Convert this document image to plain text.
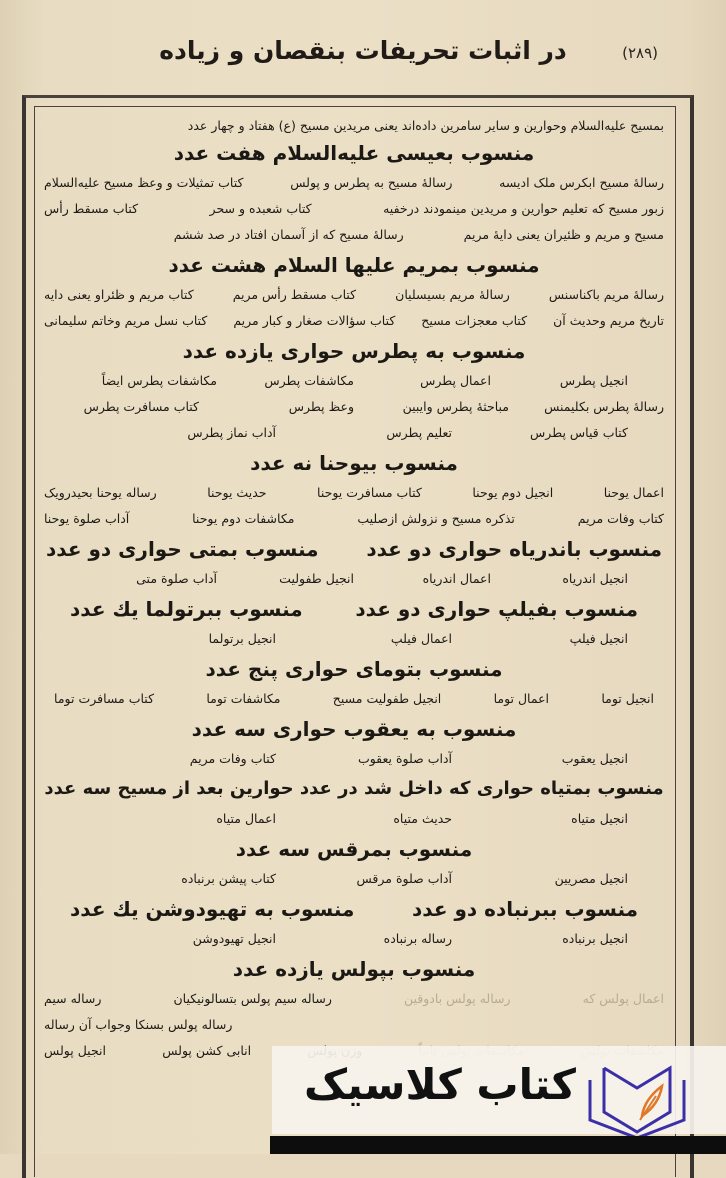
(۲۸۹)
در اثبات تحریفات بنقصان و زیاده
بمسیح علیه‌السلام وحوارین و سایر سامرین داده‌اند یعنی مریدین مسیح (ع) هفتاد و چهار عدد
منسوب بعیسی علیه‌السلام هفت عدد
رسالهٔ مسیح ابکرس ملک ادیسه
رسالهٔ مسیح به پطرس و پولس
کتاب تمثیلات و وعظ مسیح علیه‌السلام
زبور مسیح که تعلیم حوارین و مریدین مینمودند درخفیه
کتاب شعبده و سحر
کتاب مسقط رأس
مسیح و مریم و ظئیران یعنی دایهٔ مریم
رسالهٔ مسیح که از آسمان افتاد در صد ششم
منسوب بمریم علیها السلام هشت عدد
رسالهٔ مریم باکناسنس
رسالهٔ مریم بسیسلیان
کتاب مسقط رأس مریم
کتاب مریم و ظئراو یعنی دایه
تاریخ مریم وحدیث آن
کتاب معجزات مسیح
کتاب سؤالات صغار و کبار مریم
کتاب نسل مریم وخاتم سلیمانی
منسوب به پطرس حواری یازده عدد
انجیل پطرس
اعمال پطرس
مکاشفات پطرس
مکاشفات پطرس ایضاً
رسالهٔ پطرس بکلیمنس
مباحثهٔ پطرس وایبین
وعظ پطرس
کتاب مسافرت پطرس
کتاب قیاس پطرس
تعلیم پطرس
آداب نماز پطرس
منسوب بیوحنا نه عدد
اعمال یوحنا
انجیل دوم یوحنا
کتاب مسافرت یوحنا
حدیث یوحنا
رساله یوحنا بحیدرویک
کتاب وفات مریم
تذکره مسیح و نزولش ازصلیب
مکاشفات دوم یوحنا
آداب صلوة یوحنا
منسوب باندریاه حواری دو عدد
منسوب بمتی حواری دو عدد
انجیل اندریاه
اعمال اندریاه
انجیل طفولیت
آداب صلوة متی
منسوب بفیلپ حواری دو عدد
منسوب ببرتولما یك عدد
انجیل فیلپ
اعمال فیلپ
انجیل برتولما
منسوب بتومای حواری پنج عدد
انجیل توما
اعمال توما
انجیل طفولیت مسیح
مکاشفات توما
کتاب مسافرت توما
منسوب به یعقوب حواری سه عدد
انجیل یعقوب
آداب صلوة یعقوب
کتاب وفات مریم
منسوب بمتیاه حواری که داخل شد در عدد حوارین بعد از مسیح سه عدد
انجیل متیاه
حدیث متیاه
اعمال متیاه
منسوب بمرقس سه عدد
انجیل مصریین
آداب صلوة مرقس
کتاب پیشن برنباده
منسوب ببرنباده دو عدد
منسوب به تهیودوشن یك عدد
انجیل برنباده
رساله برنباده
انجیل تهیودوشن
منسوب بپولس یازده عدد
اعمال پولس که
رساله پولس بادوقین
رساله سیم پولس بتسالونیکیان
رساله سیم
رساله پولس بسنکا وجواب آن رساله
انابی کشن پولس
انجیل پولس
کتاب کلاسیک
